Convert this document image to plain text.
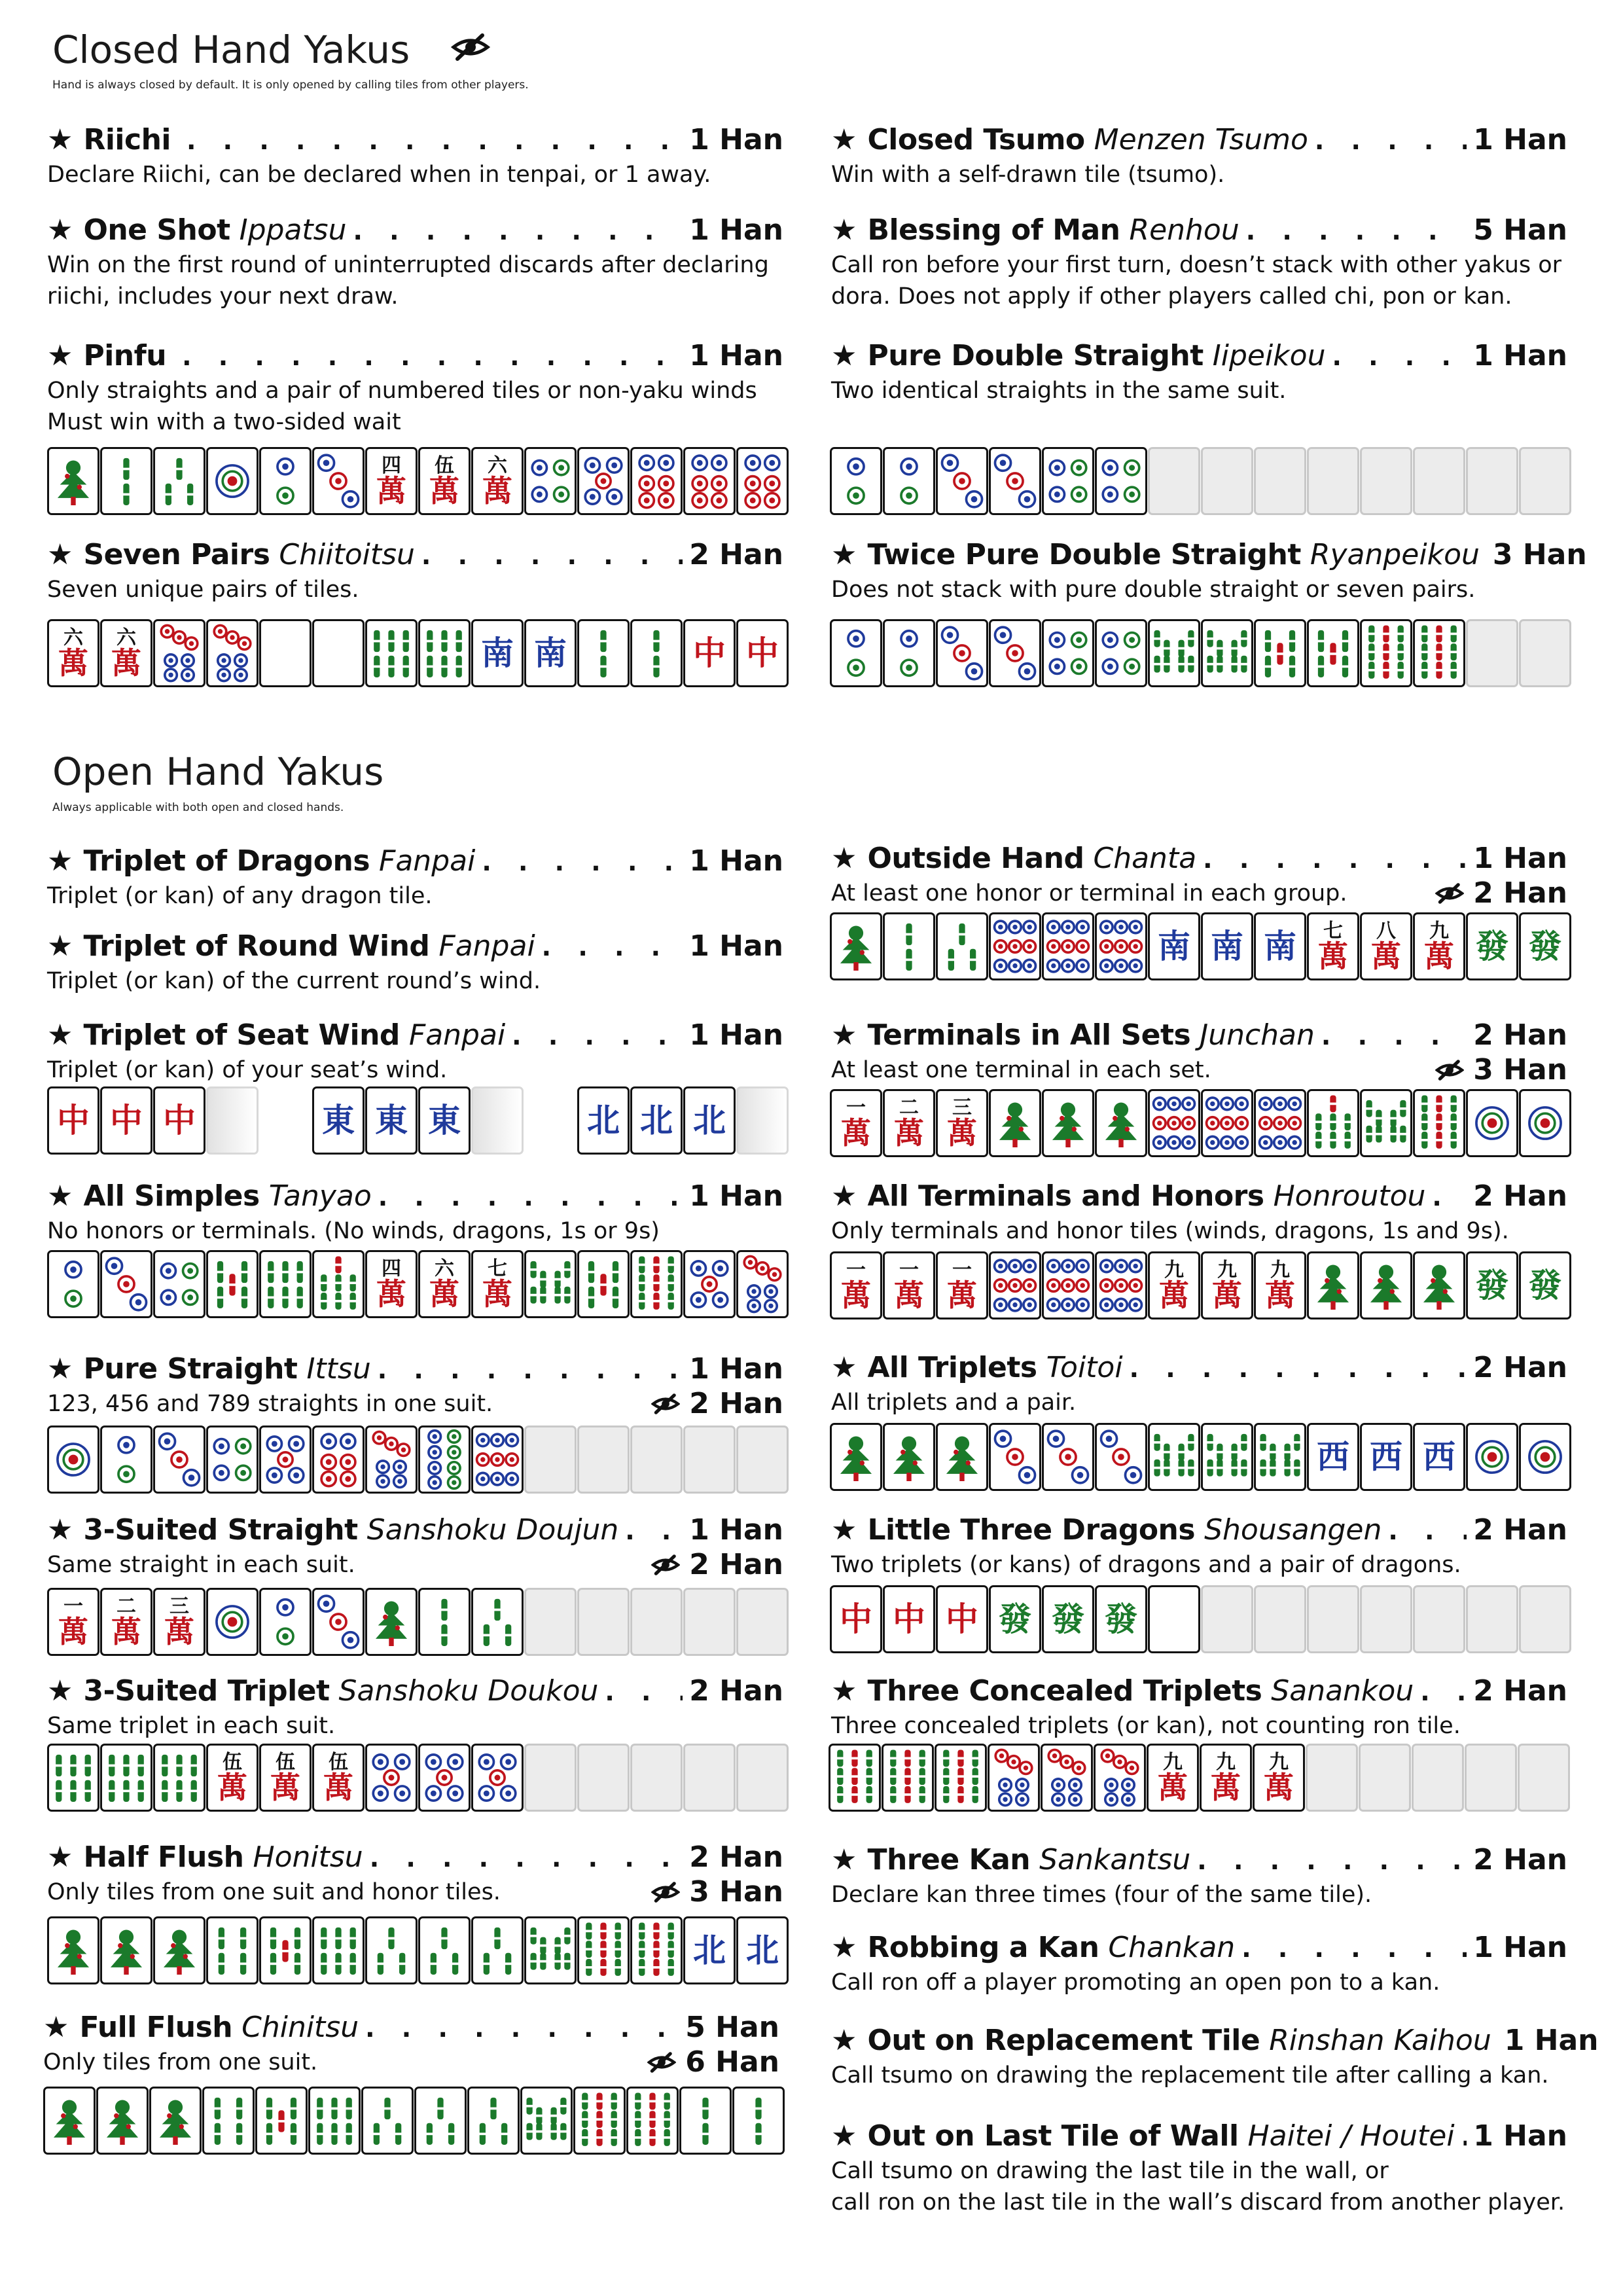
Closed Hand Yakus
Hand is always closed by default. It is only opened by calling tiles from other players.
★ Riichi . . .	1 Han
Declare Riichi, can be declared when in tenpai, or 1 away.
★ One Shot Ippatsu . . .	1 Han
Win on the first round of uninterrupted discards after declaring
riichi, includes your next draw.
★ Pinfu . . .	1 Han
Only straights and a pair of numbered tiles or non-yaku winds
Must win with a two-sided wait
四
萬
伍
萬
六
萬
★ Seven Pairs Chiitoitsu . . .	2 Han
Seven unique pairs of tiles.
六
萬
六
萬	南 南	中 中
★ Closed Tsumo Menzen Tsumo . . .	1 Han
Win with a self-drawn tile (tsumo).
★ Blessing of Man Renhou . . .	5 Han
Call ron before your first turn, doesn’t stack with other yakus or
dora. Does not apply if other players called chi, pon or kan.
★ Pure Double Straight Iipeikou . . .	1 Han
Two identical straights in the same suit.
★ Twice Pure Double Straight Ryanpeikou 3 Han
Does not stack with pure double straight or seven pairs.
Open Hand Yakus
Always applicable with both open and closed hands.
★ Triplet of Dragons Fanpai . . .	1 Han
Triplet (or kan) of any dragon tile.
★ Triplet of Round Wind Fanpai . . .	1 Han
Triplet (or kan) of the current round’s wind.
★ Triplet of Seat Wind Fanpai . . .	1 Han
Triplet (or kan) of your seat’s wind.
中 中 中	東 東 東	北 北 北
★ All Simples Tanyao . . .	1 Han
No honors or terminals. (No winds, dragons, 1s or 9s)
四
萬
六
萬
七
萬
★ Pure Straight Ittsu . . .	1 Han
123, 456 and 789 straights in one suit.	2 Han
★ 3-Suited Straight Sanshoku Doujun . . . 1 Han
Same straight in each suit.	2 Han
一
萬
二
萬
三
萬
★ 3-Suited Triplet Sanshoku Doukou . . .	2 Han
Same triplet in each suit.
伍
萬
伍
萬
伍
萬
★ Half Flush Honitsu . . .	2 Han
Only tiles from one suit and honor tiles.	3 Han
北 北
★ Full Flush Chinitsu . . .	5 Han
Only tiles from one suit.	6 Han
★ Outside Hand Chanta . . .	1 Han
At least one honor or terminal in each group.	2 Han
南 南 南 七
萬
八
萬
九
萬 發 發
★ Terminals in All Sets Junchan . . .	2 Han
At least one terminal in each set.	3 Han
一
萬
二
萬
三
萬
★ All Terminals and Honors Honroutou . . . 2 Han
Only terminals and honor tiles (winds, dragons, 1s and 9s).
一
萬
一
萬
一
萬
九
萬
九
萬
九
萬	發 發
★ All Triplets Toitoi . . .	2 Han
All triplets and a pair.
西 西 西
★ Little Three Dragons Shousangen . . .	2 Han
Two triplets (or kans) of dragons and a pair of dragons.
中 中 中 發 發 發
★ Three Concealed Triplets Sanankou . . . 2 Han
Three concealed triplets (or kan), not counting ron tile.
九
萬
九
萬
九
萬
★ Three Kan Sankantsu . . .	2 Han
Declare kan three times (four of the same tile).
★ Robbing a Kan Chankan . . .	1 Han
Call ron off a player promoting an open pon to a kan.
★ Out on Replacement Tile Rinshan Kaihou 1 Han
Call tsumo on drawing the replacement tile after calling a kan.
★ Out on Last Tile of Wall Haitei / Houtei . . . 1 Han
Call tsumo on drawing the last tile in the wall, or
call ron on the last tile in the wall’s discard from another player.
